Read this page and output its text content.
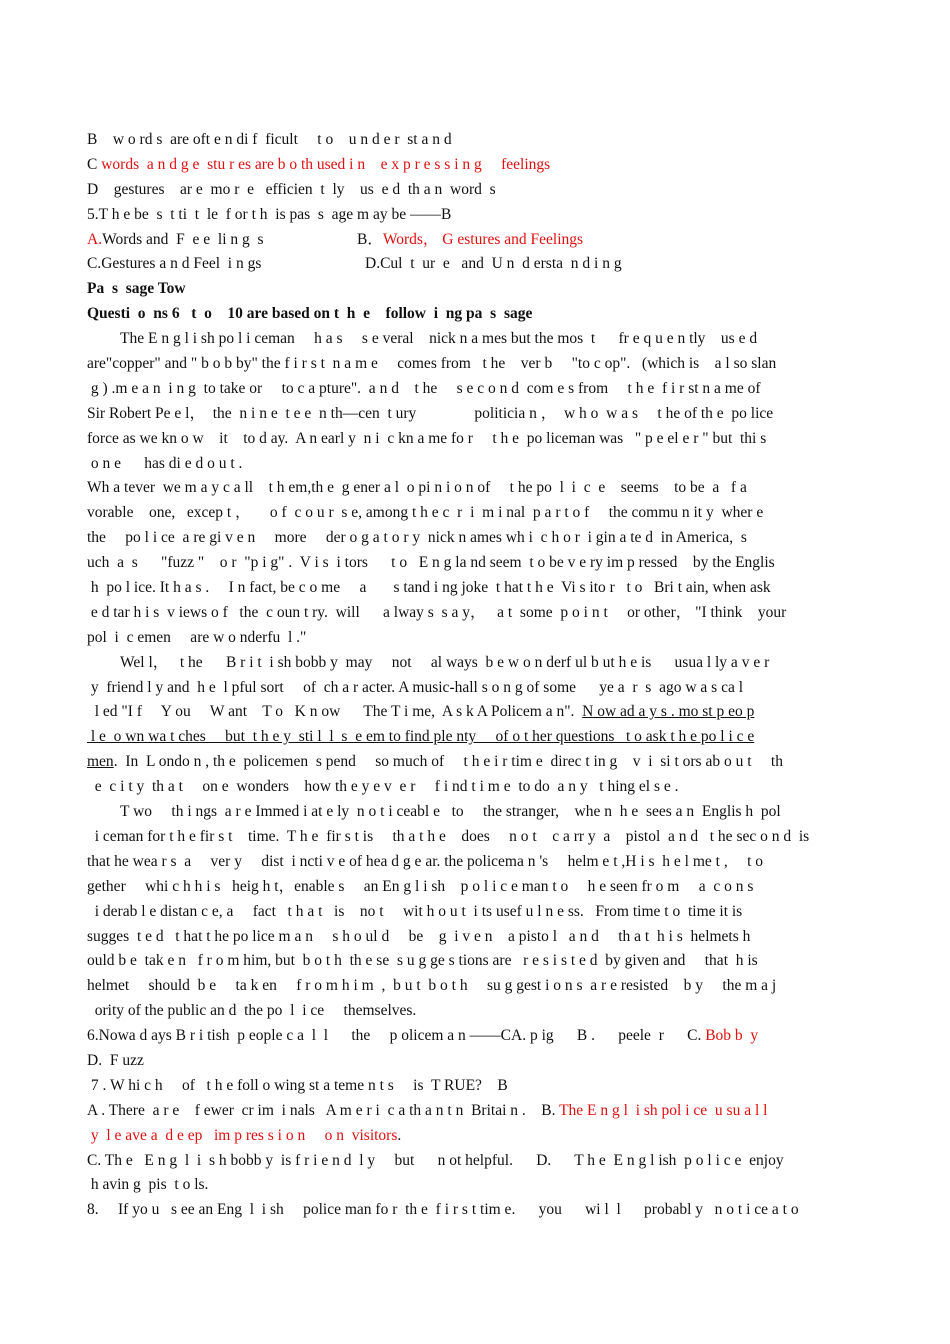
B    w o rd s  are oft e n di f  ficult     t o    u n d e r  st a n d
C words  a n d g e  stu r es are b o th used i n    e x p r e s s i n g     feelings
D    gestures    ar e  mo r  e   efficien  t  ly    us  e d  th a n  word  s
5.T h e be  s  t ti  t  le  f or t h  is pas  s  age m ay be ——B
A.Words and  F  e e  li n g  s	B．Words， G estures and Feelings
C.Gestures a n d Feel  i n gs	D.Cul  t  ur  e   and  U n  d ersta  n d i n g
Pa  s  sage Tow
Questi  o  ns 6   t  o    10 are based on t  h  e    follow  i  ng pa  s  sage
The E n g l i sh po l i ceman     h a s     s e veral    nick n a mes but the mos  t      fr e q u e n tly    us e d
are"copper" and " b o b by" the f i r s t  n a m e     comes from   t he    ver b     "to c op".   (which is    a l so slan
g ) .m e a n  i n g  to take or     to c a pture".  a n d    t he     s e c o n d  com e s from     t h e  f i r st n a me of
Sir Robert Pe e l，  the  n i n e  t e e  n th—cen  t ury               politicia n ，  w h o  w a s     t he of th e  po lice
force as we kn o w    it    to d ay.  A n earl y  n i  c kn a me fo r     t h e  po liceman was   " p e el e r " but  thi s
o n e      has di e d o u t .
Wh a tever  we m a y c a ll    t h em,th e  g ener a l  o pi n i o n of     t he po  l  i  c  e    seems    to be  a   f a
vorable    one,   excep t ，     o f  c o u r  s e, among t h e c  r  i  m i nal  p a r t o f     the commu n it y  wher e
the     po l i ce  a re gi v e n     more     der o g a t o r y  nick n ames wh i  c h o r  i gin a te d  in America,  s
uch  a  s      "fuzz "    o r  "p i g" .  V i s  i tors      t o   E n g la nd seem  t o be v e ry im p ressed    by the Englis
h  po l ice. It h a s .     I n fact, be c o me     a       s tand i ng joke  t hat t h e  Vi s ito r   t o   Bri t ain, when ask
e d tar h i s  v iews o f   the  c oun t ry.  will      a lway s  s a y，   a t  some  p o i n t     or other， "I think    your
pol  i  c emen     are w o nderfu  l ."
Wel l，   t he      B r i t  i sh bobb y  may     not     al ways  b e w o n derf ul b ut h e is      usua l ly a v e r
y  friend l y and  h e  l pful sort     of  ch a r acter. A music-hall s o n g of some      ye a  r  s  ago w a s ca l
l ed "I f     Y ou     W ant    T o   K n ow      The T i me,  A s k A Policem a n".  N ow ad a y s . mo st p eo p
l e  o wn wa t ches     but  t h e y  sti l  l  s  e em to find ple nty     of o t her questions   t o ask t h e po l i c e
men.  In  L ondo n , th e  policemen  s pend     so much of     t h e i r tim e  direc t in g    v  i  si t ors ab o u t     th
e  c i t y  th a t     on e  wonders    how th e y e v  e r     f i nd t i m e  to do  a n y   t hing el s e .
T wo     th i ngs  a r e Immed i at e ly  n o t i ceabl e   to     the stranger,    whe n  h e  sees a n  Englis h  pol
i ceman for t h e fir s t    time.  T h e  fir s t is     th a t h e    does     n o t    c a rr y  a    pistol  a n d   t he sec o n d  is
that he wea r s  a     ver y     dist  i ncti v e of hea d g e ar. the policema n 's     helm e t ,H i s  h e l me t ,     t o
gether     whi c h h i s   heig h t，enable s     an En g l i sh    p o l i c e man t o     h e seen fr o m     a  c o n s
i derab l e distan c e, a     fact   t h a t   is    no t     wit h o u t  i ts usef u l n e ss.   From time t o  time it is
sugges  t e d   t hat t he po lice m a n     s h o ul d     be    g  i v e n    a pisto l   a n d     th a t  h i s  helmets h
ould b e  tak e n   f r o m him, but  b o t h  th e se  s u g ge s tions are   r e s i s t e d  by given and     that  h is
helmet     should  b e     ta k en     f r o m h i m  ,  b u t  b o t h     su g gest i o n s  a r e resisted    b y     the m a j
ority of the public an d  the po  l  i ce     themselves.
6.Nowa d ays B r i tish  p eople c a  l  l      the     p olicem a n ——CA. p ig      B .      peele  r      C. Bob b  y
D.  F uzz
7 . W hi c h     of   t h e foll o wing st a teme n t s     is  T RUE?    B
A . There  a r e    f ewer  cr im  i nals   A m e r i  c a th a n t n  Britai n . B. The E n g l  i sh pol i ce  u su a l l
y  l e ave a  d e ep   im p res s i o n     o n  visitors.
C. Th e   E n g  l  i  s h bobb y  is f r i e n d  l y     but      n ot helpful.   D.      T h e  E n g l ish  p o l i c e  enjoy
h avin g  pis  t o ls.
8.     If yo u   s ee an Eng  l  i sh     police man fo r  th e  f i r s t tim e.      you      wi l  l      probabl y   n o t i ce a t o
